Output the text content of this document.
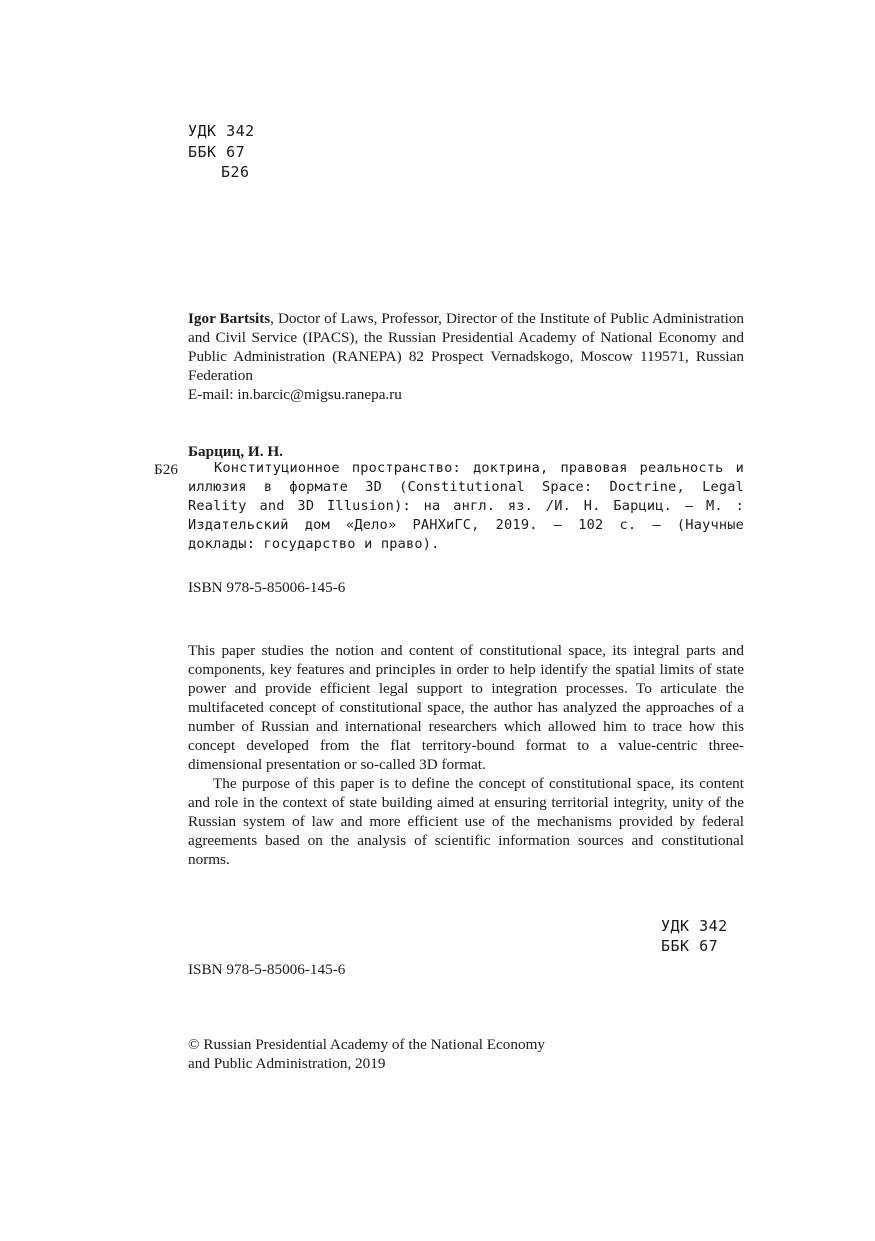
УДК 342
ББК 67
Б26
Igor Bartsits, Doctor of Laws, Professor, Director of the Institute of Public Administration and Civil Service (IPACS), the Russian Presidential Academy of National Economy and Public Administration (RANEPA) 82 Prospect Vernadskogo, Moscow 119571, Russian Federation
E-mail: in.barcic@migsu.ranepa.ru
Барциц, И. Н.
Б26	Конституционное пространство: доктрина, правовая реальность и иллюзия в формате 3D (Constitutional Space: Doctrine, Legal Reality and 3D Illusion): на англ. яз. /И. Н. Барциц. — М. : Издательский дом «Дело» РАНХиГС, 2019. — 102 с. — (Научные доклады: государство и право).
ISBN 978-5-85006-145-6

This paper studies the notion and content of constitutional space, its integral parts and components, key features and principles in order to help identify the spatial limits of state power and provide efficient legal support to integration processes. To articulate the multifaceted concept of constitutional space, the author has analyzed the approaches of a number of Russian and international researchers which allowed him to trace how this concept developed from the flat territory-bound format to a value-centric three-dimensional presentation or so-called 3D format.

The purpose of this paper is to define the concept of constitutional space, its content and role in the context of state building aimed at ensuring territorial integrity, unity of the Russian system of law and more efficient use of the mechanisms provided by federal agreements based on the analysis of scientific information sources and constitutional norms.

УДК 342
ББК 67
ISBN 978-5-85006-145-6
© Russian Presidential Academy of the National Economy
and Public Administration, 2019
